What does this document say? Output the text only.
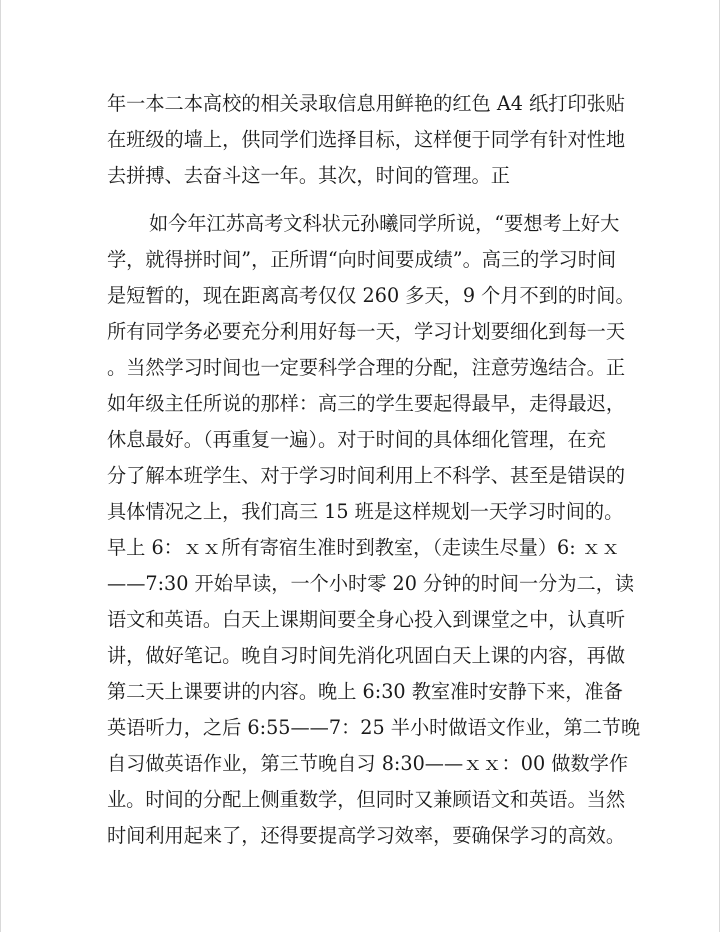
年一本二本高校的相关录取信息用鲜艳的红色 A4 纸打印张贴
在班级的墙上，供同学们选择目标，这样便于同学有针对性地
去拼搏、去奋斗这一年。其次，时间的管理。正
如今年江苏高考文科状元孙曦同学所说，“要想考上好大
学，就得拼时间”，正所谓“向时间要成绩”。高三的学习时间
是短暂的，现在距离高考仅仅 260 多天，9 个月不到的时间。
所有同学务必要充分利用好每一天，学习计划要细化到每一天
。当然学习时间也一定要科学合理的分配，注意劳逸结合。正
如年级主任所说的那样：高三的学生要起得最早，走得最迟，
休息最好。（再重复一遍）。对于时间的具体细化管理，在充
分了解本班学生、对于学习时间利用上不科学、甚至是错误的
具体情况之上，我们高三 15 班是这样规划一天学习时间的。
早上 6：ｘｘ所有寄宿生准时到教室，（走读生尽量）6: ｘｘ
——7:30 开始早读，一个小时零 20 分钟的时间一分为二，读
语文和英语。白天上课期间要全身心投入到课堂之中，认真听
讲，做好笔记。晚自习时间先消化巩固白天上课的内容，再做
第二天上课要讲的内容。晚上 6:30 教室准时安静下来，准备
英语听力，之后 6:55——7：25 半小时做语文作业，第二节晚
自习做英语作业，第三节晚自习 8:30——ｘｘ：00 做数学作
业。时间的分配上侧重数学，但同时又兼顾语文和英语。当然
时间利用起来了，还得要提高学习效率，要确保学习的高效。
